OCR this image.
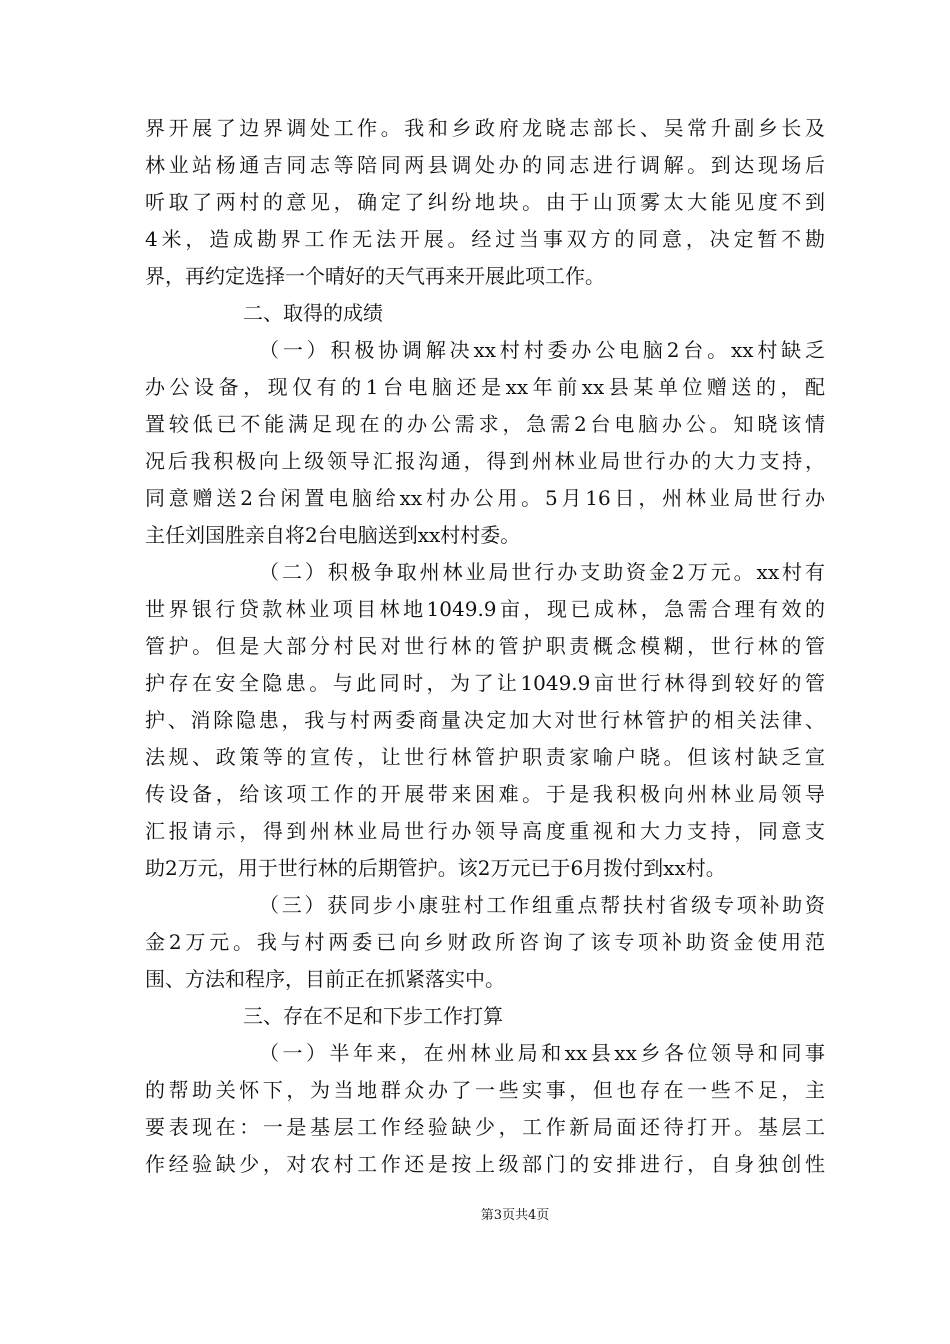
界开展了边界调处工作。我和乡政府龙晓志部长、吴常升副乡长及
林业站杨通吉同志等陪同两县调处办的同志进行调解。到达现场后
听取了两村的意见，确定了纠纷地块。由于山顶雾太大能见度不到
4米，造成勘界工作无法开展。经过当事双方的同意，决定暂不勘
界，再约定选择一个晴好的天气再来开展此项工作。
二、取得的成绩
（一）积极协调解决xx村村委办公电脑2台。xx村缺乏
办公设备，现仅有的1台电脑还是xx年前xx县某单位赠送的，配
置较低已不能满足现在的办公需求，急需2台电脑办公。知晓该情
况后我积极向上级领导汇报沟通，得到州林业局世行办的大力支持，
同意赠送2台闲置电脑给xx村办公用。5月16日，州林业局世行办
主任刘国胜亲自将2台电脑送到xx村村委。
（二）积极争取州林业局世行办支助资金2万元。xx村有
世界银行贷款林业项目林地1049.9亩，现已成林，急需合理有效的
管护。但是大部分村民对世行林的管护职责概念模糊，世行林的管
护存在安全隐患。与此同时，为了让1049.9亩世行林得到较好的管
护、消除隐患，我与村两委商量决定加大对世行林管护的相关法律、
法规、政策等的宣传，让世行林管护职责家喻户晓。但该村缺乏宣
传设备，给该项工作的开展带来困难。于是我积极向州林业局领导
汇报请示，得到州林业局世行办领导高度重视和大力支持，同意支
助2万元，用于世行林的后期管护。该2万元已于6月拨付到xx村。
（三）获同步小康驻村工作组重点帮扶村省级专项补助资
金2万元。我与村两委已向乡财政所咨询了该专项补助资金使用范
围、方法和程序，目前正在抓紧落实中。
三、存在不足和下步工作打算
（一）半年来，在州林业局和xx县xx乡各位领导和同事
的帮助关怀下，为当地群众办了一些实事，但也存在一些不足，主
要表现在：一是基层工作经验缺少，工作新局面还待打开。基层工
作经验缺少，对农村工作还是按上级部门的安排进行，自身独创性
第3页共4页
